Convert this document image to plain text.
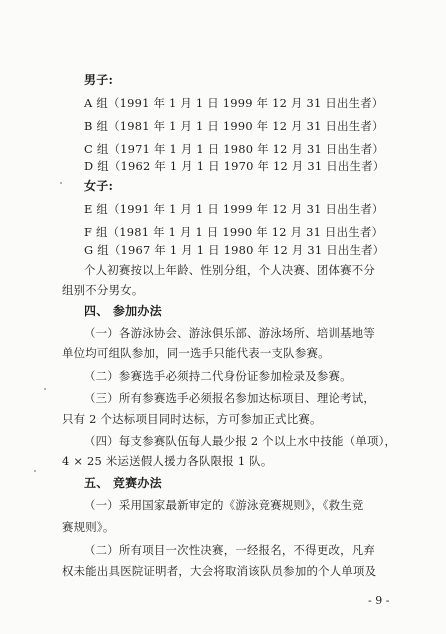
男子:
A 组（1991 年 1 月 1 日 1999 年 12 月 31 日出生者）
B 组（1981 年 1 月 1 日 1990 年 12 月 31 日出生者）
C 组（1971 年 1 月 1 日 1980 年 12 月 31 日出生者）
D 组（1962 年 1 月 1 日 1970 年 12 月 31 日出生者）
女子:
E 组（1991 年 1 月 1 日 1999 年 12 月 31 日出生者）
F 组（1981 年 1 月 1 日 1990 年 12 月 31 日出生者）
G 组（1967 年 1 月 1 日 1980 年 12 月 31 日出生者）
个人初赛按以上年龄、性别分组，个人决赛、团体赛不分
组别不分男女。
四、 参加办法
（一）各游泳协会、游泳俱乐部、游泳场所、培训基地等
单位均可组队参加，同一选手只能代表一支队参赛。
（二）参赛选手必须持二代身份证参加检录及参赛。
（三）所有参赛选手必须报名参加达标项目、理论考试，
只有 2 个达标项目同时达标，方可参加正式比赛。
（四）每支参赛队伍每人最少报 2 个以上水中技能（单项），
4 × 25 米运送假人援力各队限报 1 队。
五、 竞赛办法
（一）采用国家最新审定的《游泳竞赛规则》，《救生竞
赛规则》。
（二）所有项目一次性决赛，一经报名，不得更改，凡弃
权未能出具医院证明者，大会将取消该队员参加的个人单项及
- 9 -
